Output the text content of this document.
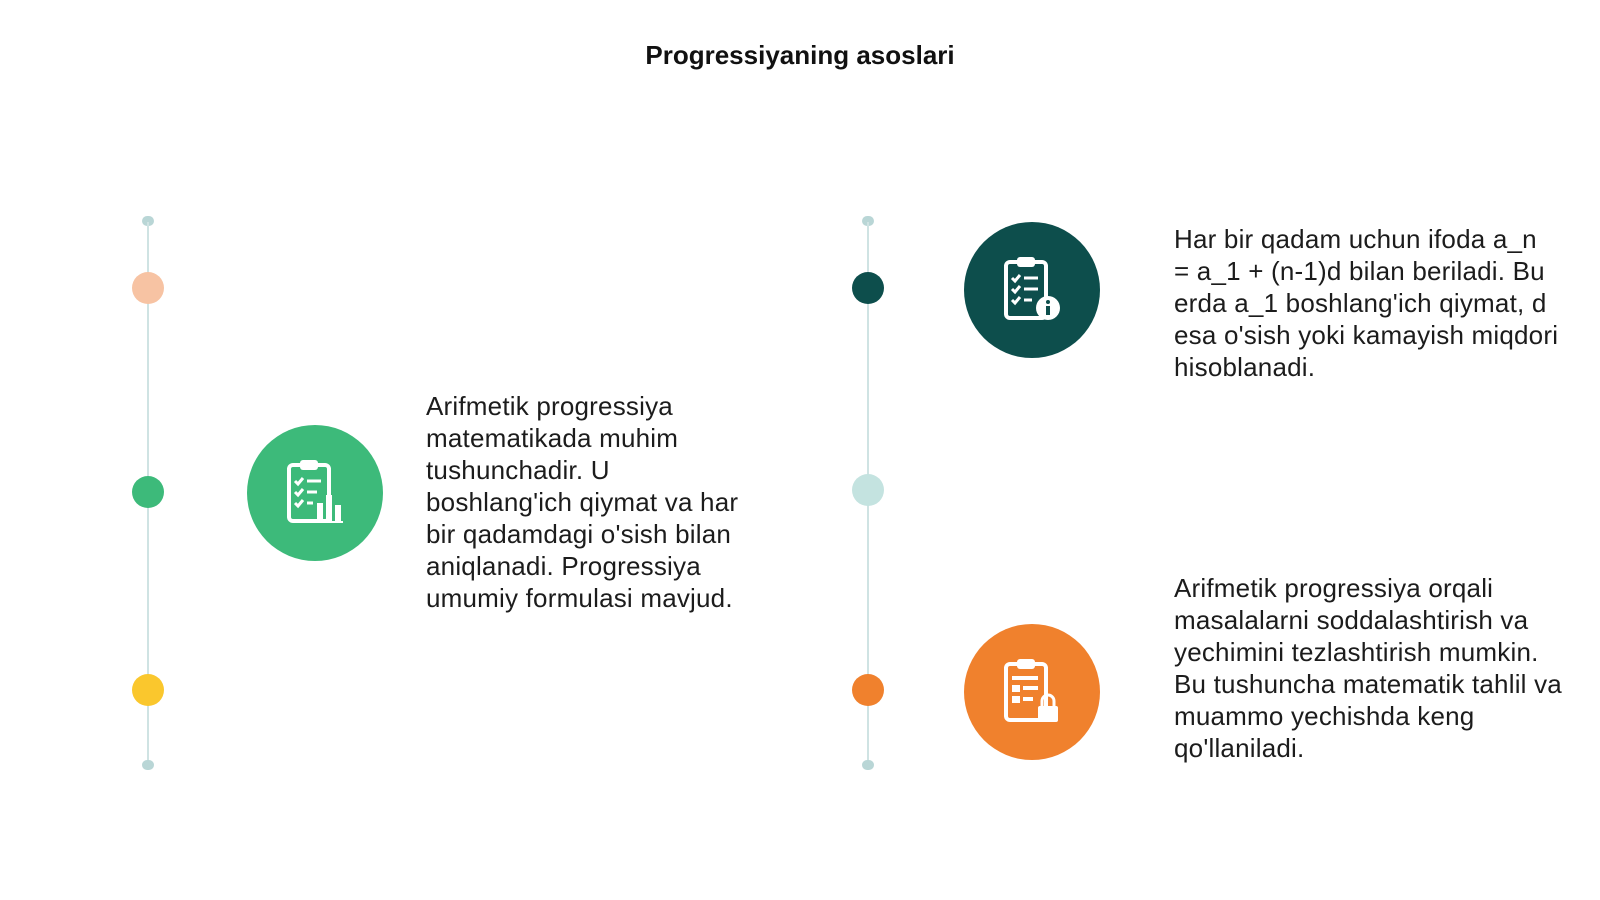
Progressiyaning asoslari
Arifmetik progressiya matematikada muhim tushunchadir. U boshlang'ich qiymat va har bir qadamdagi o'sish bilan aniqlanadi. Progressiya umumiy formulasi mavjud.
Har bir qadam uchun ifoda a_n = a_1 + (n-1)d bilan beriladi. Bu erda a_1 boshlang'ich qiymat, d esa o'sish yoki kamayish miqdori hisoblanadi.
Arifmetik progressiya orqali masalalarni soddalashtirish va yechimini tezlashtirish mumkin. Bu tushuncha matematik tahlil va muammo yechishda keng qo'llaniladi.
